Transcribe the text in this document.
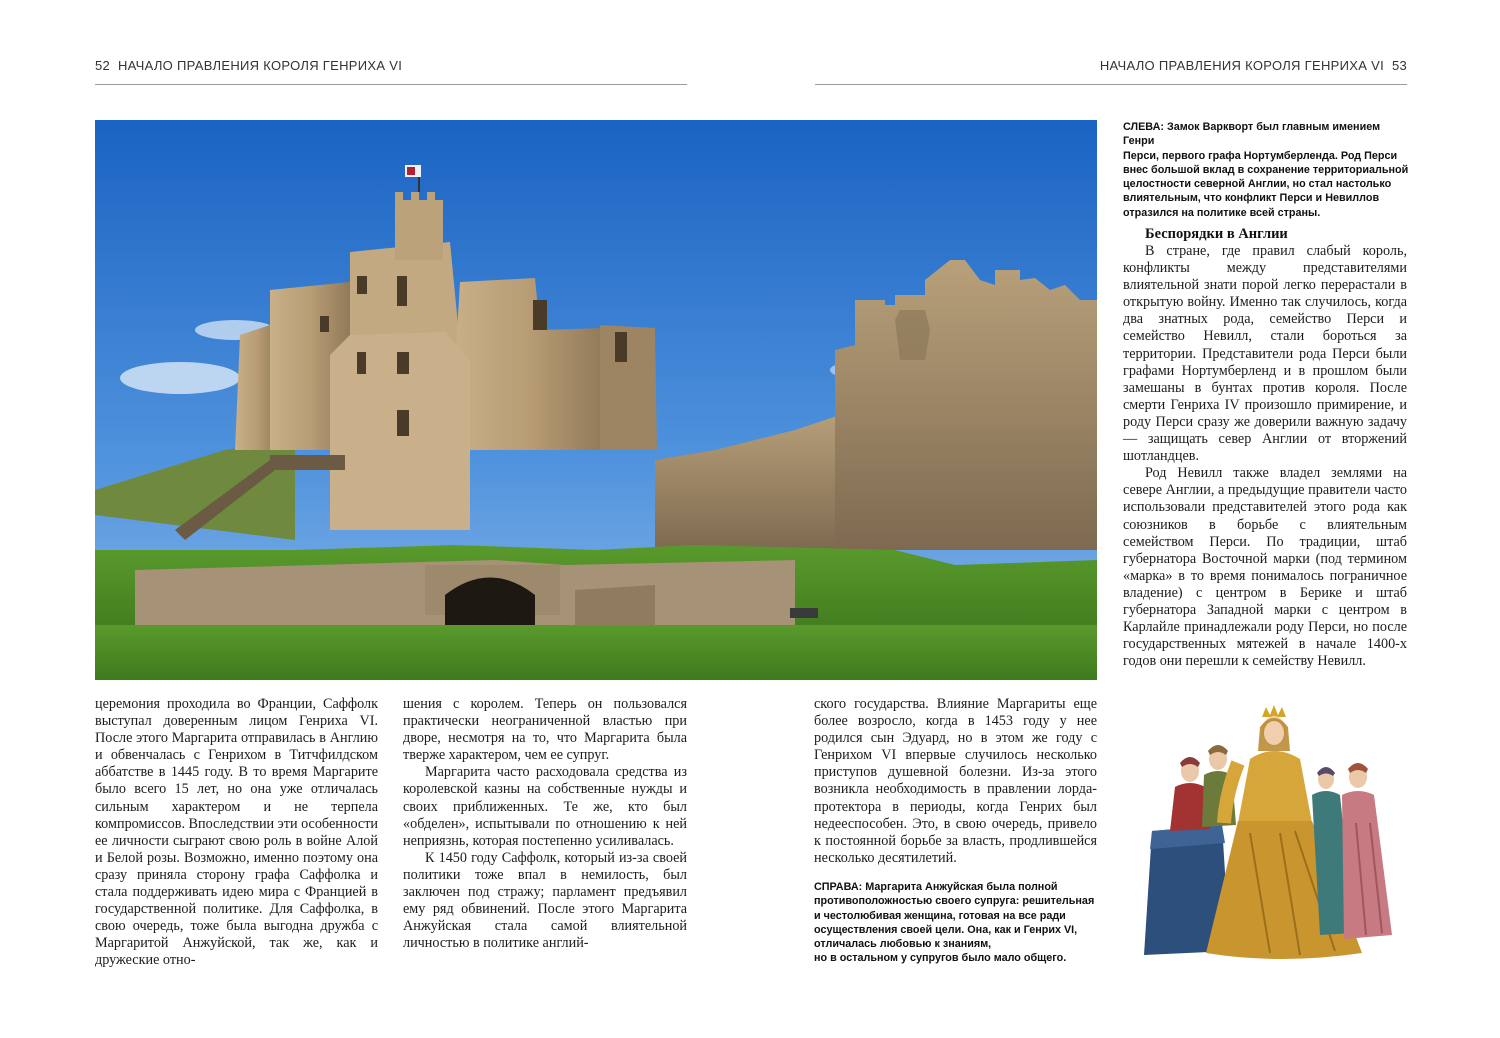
52 НАЧАЛО ПРАВЛЕНИЯ КОРОЛЯ ГЕНРИХА VI	НАЧАЛО ПРАВЛЕНИЯ КОРОЛЯ ГЕНРИХА VI 53

СЛЕВА: Замок Варкворт был главным имением Генри

Перси, первого графа Нортумберленда. Род Перси

внес большой вклад в сохранение территориальной

целостности северной Англии, но стал настолько

влиятельным, что конфликт Перси и Невиллов

отразился на политике всей страны.

Беспорядки в Англии

В стране, где правил слабый король, конфликты между представителями влиятельной знати порой легко перерастали в открытую войну. Именно так случилось, когда два знатных рода, семейство Перси и семейство Невилл, стали бороться за территории. Представители рода Перси были графами Нортумберленд и в прошлом были замешаны в бунтах против короля. После смерти Генриха IV произошло примирение, и роду Перси сразу же доверили важную задачу — защищать север Англии от вторжений шотландцев.

Род Невилл также владел землями на севере Англии, а предыдущие правители часто использовали представителей этого рода как союзников в борьбе с влиятельным семейством Перси. По традиции, штаб губернатора Восточной марки (под термином «марка» в то время понималось пограничное владение) с центром в Берике и штаб губернатора Западной марки с центром в Карлайле принадлежали роду Перси, но после государственных мятежей в начале 1400-х годов они перешли к семейству Невилл.

церемония проходила во Франции, Саффолк выступал доверенным лицом Генриха VI. После этого Маргарита отправилась в Англию и обвенчалась с Генрихом в Титчфилдском аббатстве в 1445 году. В то время Маргарите было всего 15 лет, но она уже отличалась сильным характером и не терпела компромиссов. Впоследствии эти особенности ее личности сыграют свою роль в войне Алой и Белой розы. Возможно, именно поэтому она сразу приняла сторону графа Саффолка и стала поддерживать идею мира с Францией в государственной политике. Для Саффолка, в свою очередь, тоже была выгодна дружба с Маргаритой Анжуйской, так же, как и дружеские отно-

шения с королем. Теперь он пользовался практически неограниченной властью при дворе, несмотря на то, что Маргарита была тверже характером, чем ее супруг.

Маргарита часто расходовала средства из королевской казны на собственные нужды и своих приближенных. Те же, кто был «обделен», испытывали по отношению к ней неприязнь, которая постепенно усиливалась.

К 1450 году Саффолк, который из-за своей политики тоже впал в немилость, был заключен под стражу; парламент предъявил ему ряд обвинений. После этого Маргарита Анжуйская стала самой влиятельной личностью в политике англий-

ского государства. Влияние Маргариты еще более возросло, когда в 1453 году у нее родился сын Эдуард, но в этом же году с Генрихом VI впервые случилось несколько приступов душевной болезни. Из-за этого возникла необходимость в правлении лорда-протектора в периоды, когда Генрих был недееспособен. Это, в свою очередь, привело к постоянной борьбе за власть, продлившейся несколько десятилетий.

СПРАВА: Маргарита Анжуйская была полной

противоположностью своего супруга: решительная

и честолюбивая женщина, готовая на все ради

осуществления своей цели. Она, как и Генрих VI,

отличалась любовью к знаниям,

но в остальном у супругов было мало общего.
